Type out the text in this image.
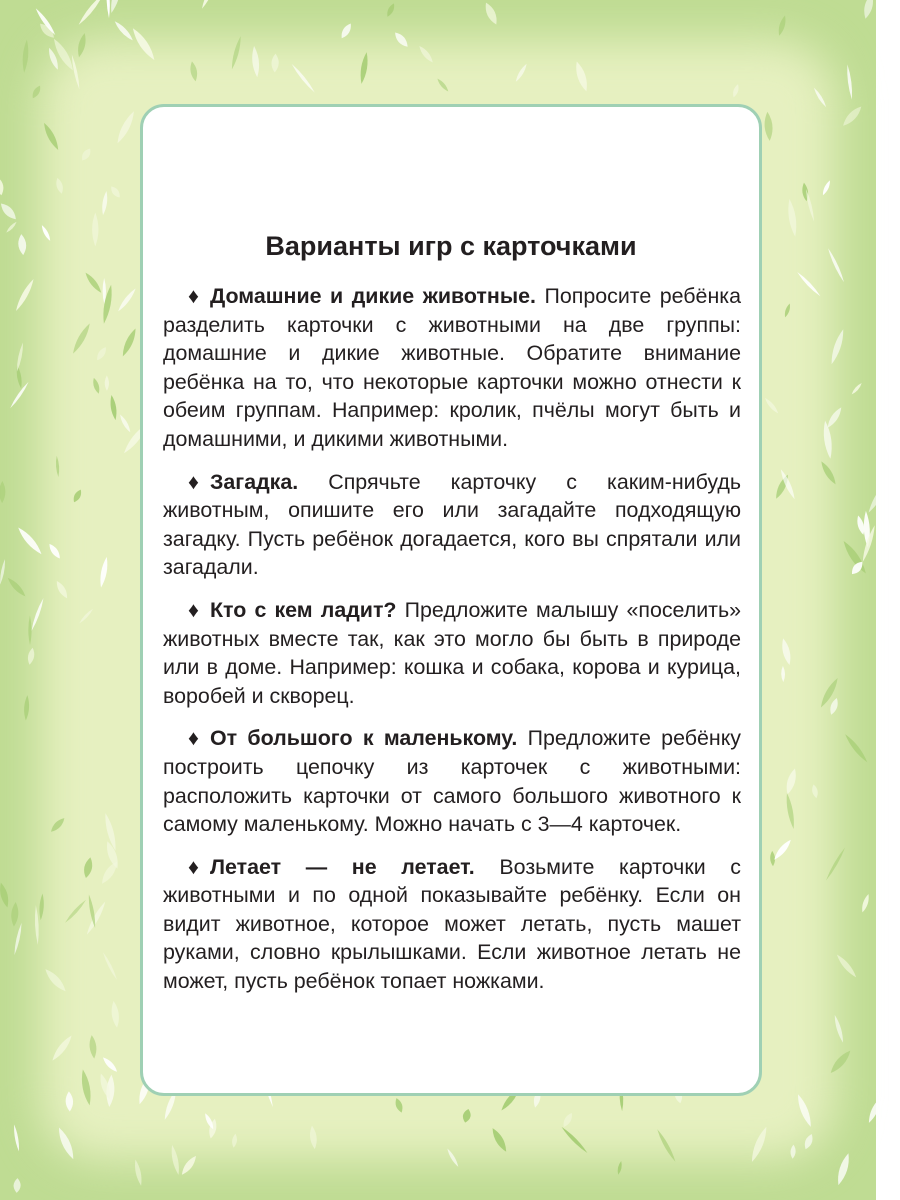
Варианты игр с карточками

♦ Домашние и дикие животные. Попросите ребёнка разделить карточки с животными на две группы: домашние и дикие животные. Обратите внимание ребёнка на то, что некоторые карточки можно отнести к обеим группам. Например: кролик, пчёлы могут быть и домашними, и дикими животными.

♦ Загадка. Спрячьте карточку с каким-нибудь животным, опишите его или загадайте подходящую загадку. Пусть ребёнок догадается, кого вы спрятали или загадали.

♦ Кто с кем ладит? Предложите малышу «поселить» животных вместе так, как это могло бы быть в природе или в доме. Например: кошка и собака, корова и курица, воробей и скворец.

♦ От большого к маленькому. Предложите ребёнку построить цепочку из карточек с животными: расположить карточки от самого большого животного к самому маленькому. Можно начать с 3—4 карточек.

♦ Летает — не летает. Возьмите карточки с животными и по одной показывайте ребёнку. Если он видит животное, которое может летать, пусть машет руками, словно крылышками. Если животное летать не может, пусть ребёнок топает ножками.
